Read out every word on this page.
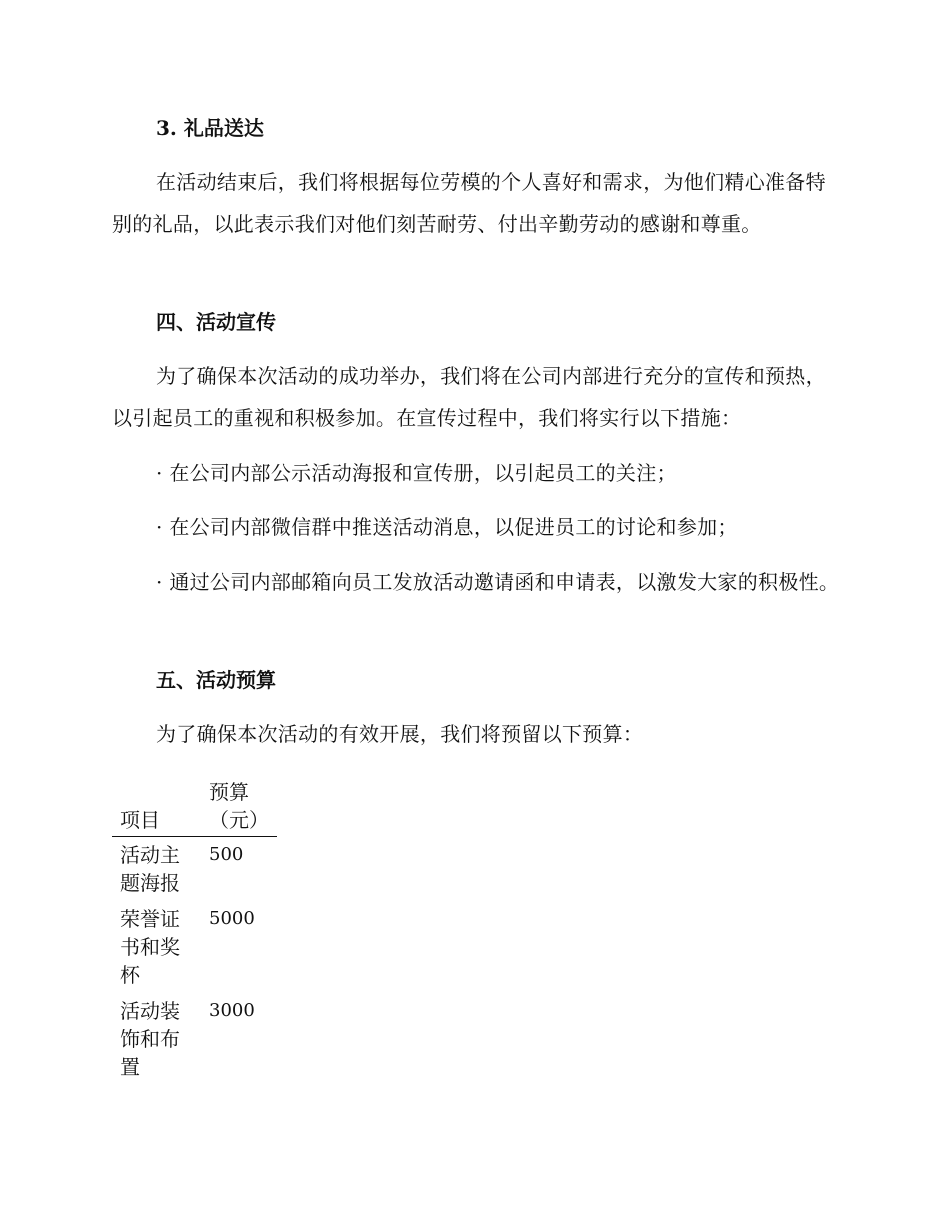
3. 礼品送达
在活动结束后，我们将根据每位劳模的个人喜好和需求，为他们精心准备特别的礼品，以此表示我们对他们刻苦耐劳、付出辛勤劳动的感谢和尊重。
四、活动宣传
为了确保本次活动的成功举办，我们将在公司内部进行充分的宣传和预热，以引起员工的重视和积极参加。在宣传过程中，我们将实行以下措施：
· 在公司内部公示活动海报和宣传册，以引起员工的关注；
· 在公司内部微信群中推送活动消息，以促进员工的讨论和参加；
· 通过公司内部邮箱向员工发放活动邀请函和申请表，以激发大家的积极性。
五、活动预算
为了确保本次活动的有效开展，我们将预留以下预算：
项目	预算（元）
活动主题海报	500
荣誉证书和奖杯	5000
活动装饰和布置	3000
